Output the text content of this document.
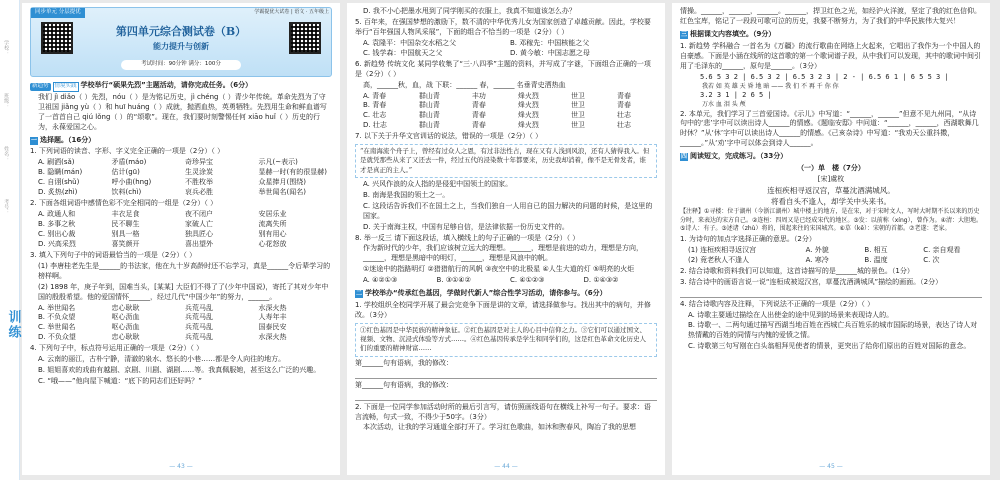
学校：
班级：
姓名：
考号：
训练
同步单元 分层提优	学霸提优大试卷 | 语文 · 五年级上
第四单元综合测试卷（B）
能力提升与创新
考试时间：90分钟 满分：100分

新趋势 情境实践 学校举行“硕果先烈”主题活动，请你完成任务。（6分）

我们 jì diǎo（ ）先烈，nóu（ ）是为铭记历史，jì chéng（ ）青少年传统。革命先烈为了守卫祖国 jiǎng yù（ ）和 huī huáng（ ）成就，抛洒血热，英勇牺牲。先烈用生命和鲜血谱写了一首首自己 qiú lǒng（ ）的“颂歌”。现在，我们要时刻警惕任何 xiāo huǐ（ ）历史的行为，永葆爱国之心。

一 选择题。（16分）

1. 下列词语的读音、字形、字义完全正确的一项是（2分）（ ）

A. 刷洒(sǎ)	矛盾(máo)	奇珍异宝	示凡(~表示)
B. 隐瞒(mán)	估计(gū)	生灵涂炭	显赫一时(有的很显赫)
C. 自诩(shǔ)	呼小曲(hng)	不胜枚举	众星捧月(围绕)
D. 炙热(zhì)	饮料(chì)	哀兵必胜	举世闻名(闻名)

2. 下面各组词语中感情色彩不完全相同的一组是（2分）（ ）

A. 政通人和	丰衣足食	夜不闭户	安居乐业
B. 多事之秋	民不聊生	家破人亡	流离失所
C. 别出心裁	别具一格	独具匠心	别有用心
D. 兴高采烈	喜笑颜开	喜出望外	心花怒放

3. 填入下列句子中的词语最恰当的一项是（2分）（ ）

(1) 李唐桂老先生是______的书法家，他在九十岁高龄时还不忘学习，真是______令后辈学习的榜样啊。

(2) 1898 年，庚子年到，国难当头，[某某] 大臣们不得了了(少年中国说)，寄托了其对少年中国的殷殷希望。他的爱国情怀______，经过几代“中国少年”的努力，______。

A. 举世闻名	忠心耿耿	兵荒马乱	水深火热
B. 不负众望	呕心沥血	兵荒马乱	人寿年丰
C. 举世闻名	呕心沥血	兵荒马乱	国泰民安
D. 不负众望	忠心耿耿	兵荒马乱	水深火热

4. 下列句子中，标点符号运用正确的一项是（2分）（ ）

A. 云南的丽江，古朴宁静，清澈的泉水、悠长的小巷……都是令人向往的地方。

B. 姐姐喜欢的戏曲有越剧、京剧、川剧、湖剧……等。我真佩服她，甚至这么广泛的兴趣。

C. “哦——”他向屋下喊道：“底下的同志们还好吗？”

— 43 —

D. 我不小心把墨水甩到了同学刚买的衣服上，我真不知道该怎么办？

5. 百年来，在强国梦想的激励下，数不清的中华优秀儿女为国家创造了卓越贡献。因此，学校要举行“百年强国人物风采展”，下面的组合不恰当的一项是（2分）（ ）

A. 袁隆平：中国杂交水稻之父	B. 邓稼先：中国核能之父
C. 钱学森：中国航天之父	D. 黄今敏：中国志愿之母

6. 新趋势 传统文化 某同学收集了“三·八四季”主题的资料，并写成了字谜，下面组合正确的一项是（2分）（ ）

高，______秋，血，战 下联：______ 春，______ 名垂青史洒热血

A. 青春	群山青	丰功	烽火烈	世卫	青春
B. 青春	群山青	青春	烽火烈	世卫	青春
C. 壮志	群山青	青春	烽火烈	世卫	壮志
D. 壮志	群山青	青春	烽火烈	世卫	壮志

7. 以下关于升华文官训话的说法，错误的一项是（2分）（ ）

“在南海流个舟子上，曾经有过众人之恩，有过非法性占，现在又有人浅到风浪，还有人猜得我入。但是就凭那些从来了又还去一件，经过五代的浸染数十年都要来，历史我却消着，像不是无骨发者，谁才是真正的主人。”

A. 兴风作浪的众人指的是侵犯中国领土的国家。

B. 南海是我国的领土之一。

C. 这段话告诉我们不在国土之上，当我们独自一人用自已的国力解决的问题的时候，是这里的国家。

D. 关于南海主权，中国有足够自信，是法律依据一份历史文件的。

8. 举一反三 请下面这段话，填入横线上的句子正确的一项是（2分）（ ）

作为新时代的少年，我们应该树立远大的理想。______，理想是前进的动力，理想是方向，______，理想是黑暗中的明灯，______，理想是风浪中的帆。

①迷途中的指路明灯 ②猎猎航行的风帆 ③夜空中的北极星 ④人生大道的灯 ⑤明亮的火炬

A. ④②①③	B. ③①④②	C. ④①②③	D. ①④③②
二 学校举办“传承红色基因，学做时代新人”综合性学习活动，请你参与。（6分）

1. 学校组织全校同学开展了最会完竞争下面是讲的文章，请选择做参与。找出其中的病句，并修改。（3分）

①红色基因是中华民族的精神象征。②红色基因是对主人的心目中信仰之力。③它们可以通过国文、视频、文物、沉浸式体验等方式……。④红色基因传承是学生和同学们的，这是红色革命文化历史人们的重要的精神财富……

第______句有语病，我的修改：

第______句有语病，我的修改：

2. 下面是一位同学参加活动时所的最后引言写，请仿照画线语句在横线上补写一句子。要求：语言流畅，句式一致，不得少于50字。（3分）

本次活动，让我的学习通道全部打开了。学习红色歌曲，如沐和煦春风，陶冶了我的思想

— 44 —

情操。______，______，______。______，捍卫红色之光，如经沪火洋渡，坚定了我的红色信仰。红色宝库，铭记了一段段可歌可泣的历史，我要不断努力，为了我们的中华民族伟大复兴！

三 根据课文内容填空。（9分）

1. 新趋势 学科融合 一首名为《万疆》的流行歌曲在网络上火起来，它唱出了我作为一个中国人的自豪感。下面是小涵在线所的这首歌的第一个歌词谱子段，从中我们可以发现，其中的歌词中间引用了毛泽东的______，原句是______。（3分）

5.6 5 3 2 | 6.5 3 2 | 6.5 3 2 3 | 2 - | 6.5 6 1 | 6 5 5 3 |
我若 如 英 雄 天 昏 地 暗 —— 我 们 不 再 千 你 你
3.2 3 1 | 2 6 5 |
万水 血 泪 头 颅

2. 本单元，我们学习了三首爱国诗。《示儿》中写道：“______，______”但意不见九州同，“从诗句中的‘悲’字中可以读出诗人______的情感。《题临安邸》中问道：“______，______，西湖歌舞几时休？”从‘休’字中可以读出诗人______的情感。《己亥杂诗》中写道：“我劝天公重抖擞，______。”从‘劝’字中可以体会到诗人______。

四 阅读短文，完成练习。（33分）

（一）单　楼（7分）

[宋]虞枚

连桓疾相寻返汉宫，草蔓沈酒满城风。
将看自头不逢人，却学关中头来书。

【注释】①寻楼：位于湖州（今浙江湖州）城中楼上的地方，是在宋，对于宋时文人，写时大时期不长以来的历史分时，来表达的宋方自己。②连桓：四周又是已经成宋代的地区。③发：以前称（xíng），曾作为。④清：大胆地。⑤诗人：有子。③述诸（zhù）将的，围起来往的宋国城宫。⑥草（kē）：宋朝的首都。⑦老遂：老家。

1. 为诗句的加点字选择正确的意思。（2分）

(1) 连桓疾相寻返汉宫	A. 外貌	B. 相互	C. 亲自观看
(2) 竟老秋人不逢人	A. 寒冷	B. 温度	C. 次

2. 结合诗歌和资料我们可以知道，这首诗描写的是______城的景色。（1分）

3. 结合诗中的画语言说一说“连桓成被逗汉宫，草蔓沈酒满城风”描绘的画面。（2分）

4. 结合诗歌内容及注释，下列说法不正确的一项是（2分）（ ）

A. 诗歌主要通过描绘在人出使金的途中见到的场景来表现诗人的。

B. 诗歌一、二两句通过描写西湖当地百姓在西城亡兵百姓乐的城市国际的场景，表达了诗人对热情戴的百姓的同情与内愧的爱愤之情。

C. 诗歌第三句写刚在白头翁相拜见使者的情景，更突出了给你们原出的百姓对国际的意念。

— 45 —
